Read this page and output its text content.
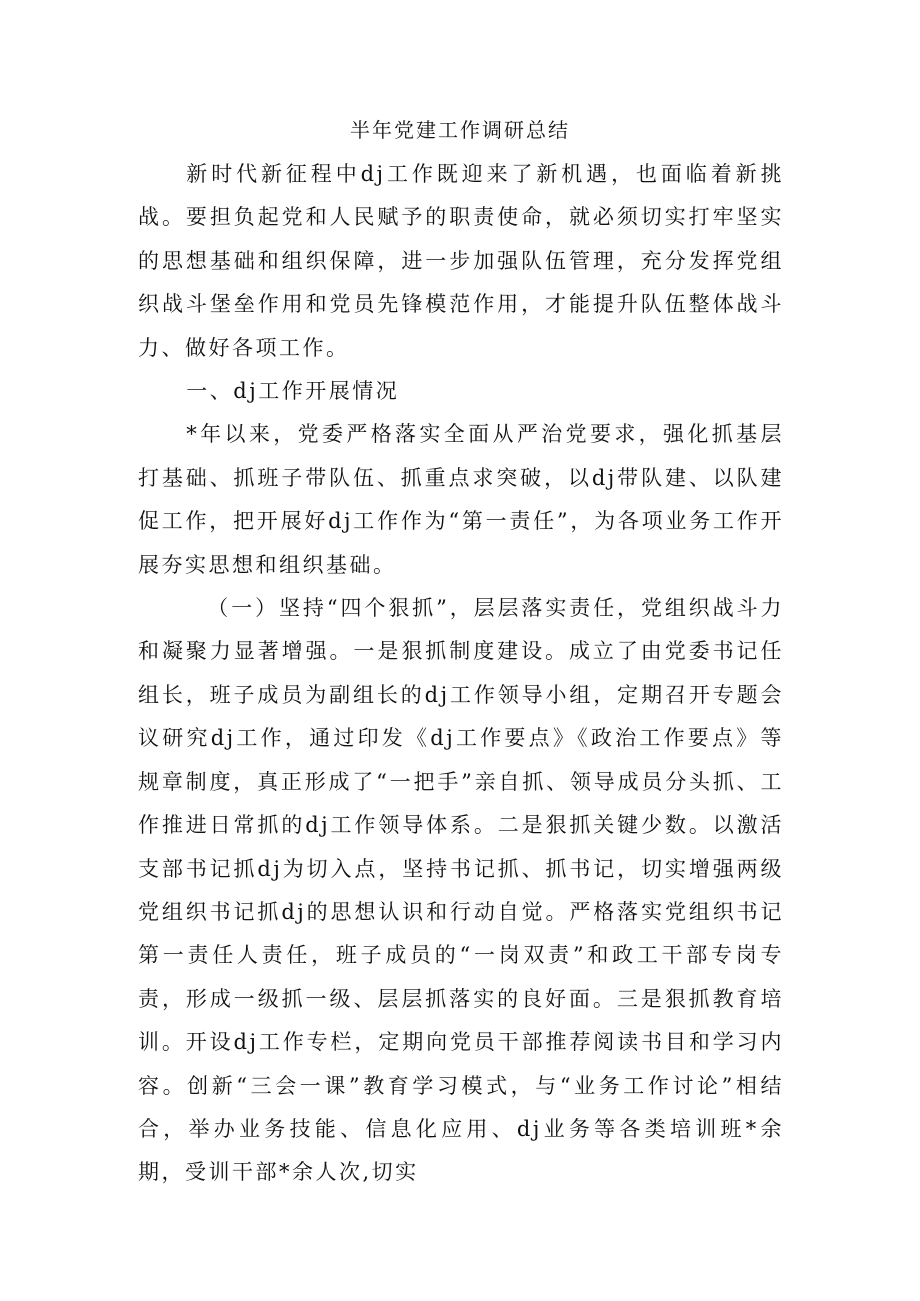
半年党建工作调研总结

新时代新征程中dj工作既迎来了新机遇，也面临着新挑战。要担负起党和人民赋予的职责使命，就必须切实打牢坚实的思想基础和组织保障，进一步加强队伍管理，充分发挥党组织战斗堡垒作用和党员先锋模范作用，才能提升队伍整体战斗力、做好各项工作。

一、dj工作开展情况

*年以来，党委严格落实全面从严治党要求，强化抓基层打基础、抓班子带队伍、抓重点求突破，以dj带队建、以队建促工作，把开展好dj工作作为“第一责任”，为各项业务工作开展夯实思想和组织基础。

（一）坚持“四个狠抓”，层层落实责任，党组织战斗力和凝聚力显著增强。一是狠抓制度建设。成立了由党委书记任组长，班子成员为副组长的dj工作领导小组，定期召开专题会议研究dj工作，通过印发《dj工作要点》《政治工作要点》等规章制度，真正形成了“一把手”亲自抓、领导成员分头抓、工作推进日常抓的dj工作领导体系。二是狠抓关键少数。以激活支部书记抓dj为切入点，坚持书记抓、抓书记，切实增强两级党组织书记抓dj的思想认识和行动自觉。严格落实党组织书记第一责任人责任，班子成员的“一岗双责”和政工干部专岗专责，形成一级抓一级、层层抓落实的良好面。三是狠抓教育培训。开设dj工作专栏，定期向党员干部推荐阅读书目和学习内容。创新“三会一课”教育学习模式，与“业务工作讨论”相结合，举办业务技能、信息化应用、dj业务等各类培训班*余期，受训干部*余人次,切实
